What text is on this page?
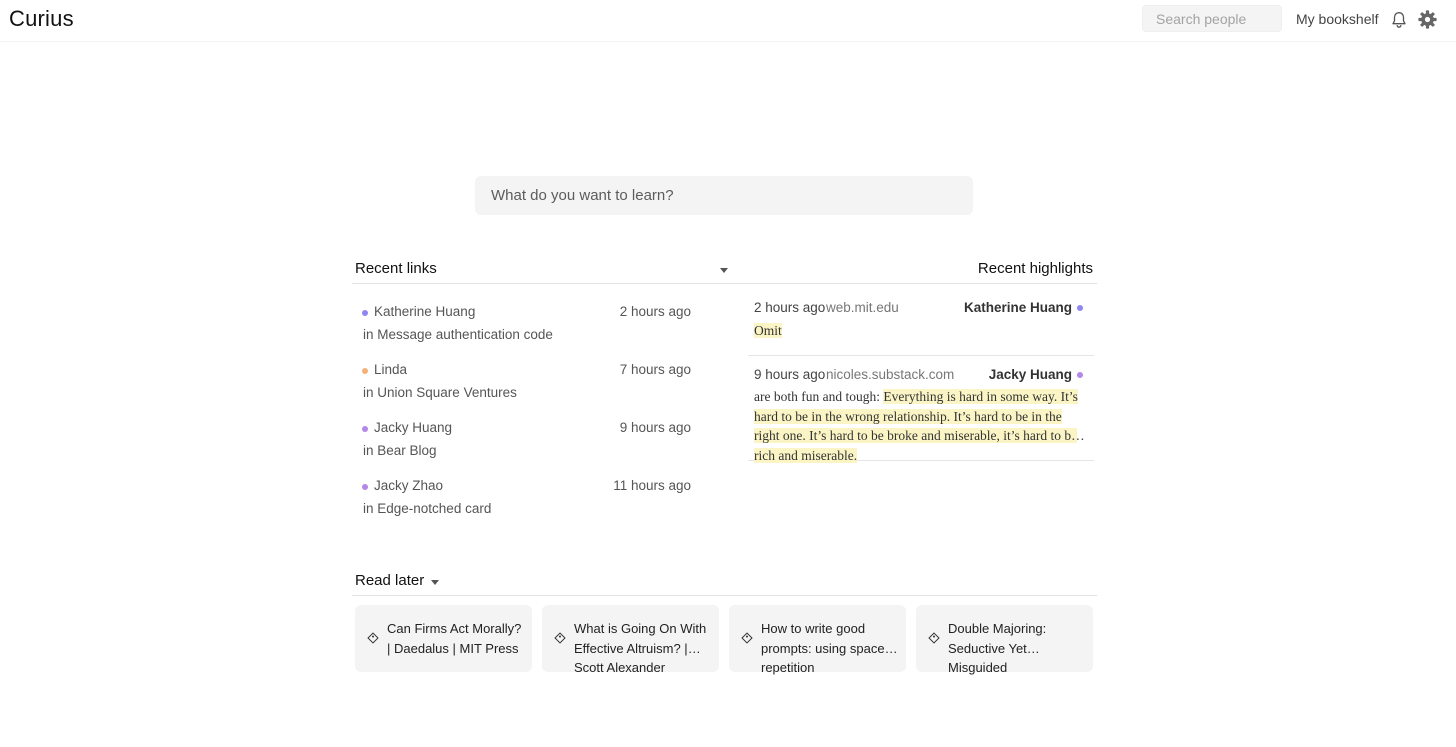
Curius
Search people	My bookshelf
What do you want to learn?
Recent links	Recent highlights
Katherine Huang	2 hours ago
in Message authentication code
Linda	7 hours ago
in Union Square Ventures
Jacky Huang	9 hours ago
in Bear Blog
Jacky Zhao	11 hours ago
in Edge-notched card
2 hours ago web.mit.edu	Katherine Huang
Omit
9 hours ago nicoles.substack.com	Jacky Huang
are both fun and tough: Everything is hard in some way. It’s hard to be in the wrong relationship. It’s hard to be in the right one. It’s hard to be broke and miserable, it’s hard to be rich and miserable.
Read later
Can Firms Act Morally? | Daedalus | MIT Press
What is Going On With Effective Altruism? | Scott Alexander
How to write good prompts: using spaced repetition
Double Majoring: Seductive Yet Misguided
